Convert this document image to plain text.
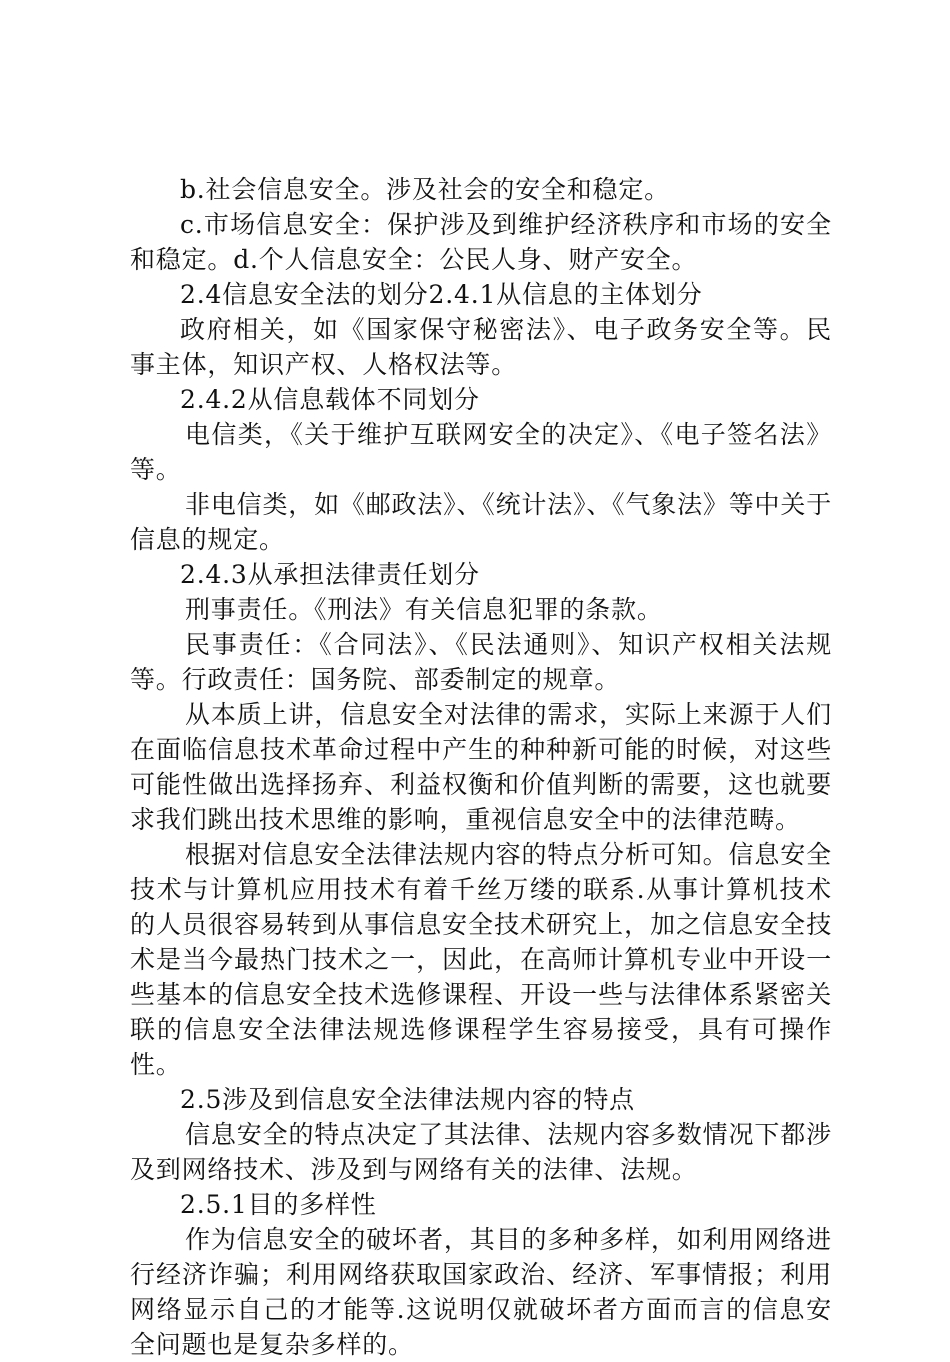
b.社会信息安全。涉及社会的安全和稳定。

c.市场信息安全：保护涉及到维护经济秩序和市场的安全和稳定。d.个人信息安全：公民人身、财产安全。

2.4信息安全法的划分2.4.1从信息的主体划分

政府相关，如《国家保守秘密法》、电子政务安全等。民事主体，知识产权、人格权法等。

2.4.2从信息载体不同划分

电信类，《关于维护互联网安全的决定》、《电子签名法》等。

非电信类，如《邮政法》、《统计法》、《气象法》等中关于信息的规定。

2.4.3从承担法律责任划分

刑事责任。《刑法》有关信息犯罪的条款。

民事责任：《合同法》、《民法通则》、知识产权相关法规等。行政责任：国务院、部委制定的规章。

从本质上讲，信息安全对法律的需求，实际上来源于人们在面临信息技术革命过程中产生的种种新可能的时候，对这些可能性做出选择扬弃、利益权衡和价值判断的需要，这也就要求我们跳出技术思维的影响，重视信息安全中的法律范畴。

根据对信息安全法律法规内容的特点分析可知。信息安全技术与计算机应用技术有着千丝万缕的联系.从事计算机技术的人员很容易转到从事信息安全技术研究上，加之信息安全技术是当今最热门技术之一，因此，在高师计算机专业中开设一些基本的信息安全技术选修课程、开设一些与法律体系紧密关联的信息安全法律法规选修课程学生容易接受，具有可操作性。

2.5涉及到信息安全法律法规内容的特点

信息安全的特点决定了其法律、法规内容多数情况下都涉及到网络技术、涉及到与网络有关的法律、法规。

2.5.1目的多样性

作为信息安全的破坏者，其目的多种多样，如利用网络进行经济诈骗；利用网络获取国家政治、经济、军事情报；利用网络显示自己的才能等.这说明仅就破坏者方面而言的信息安全问题也是复杂多样的。
